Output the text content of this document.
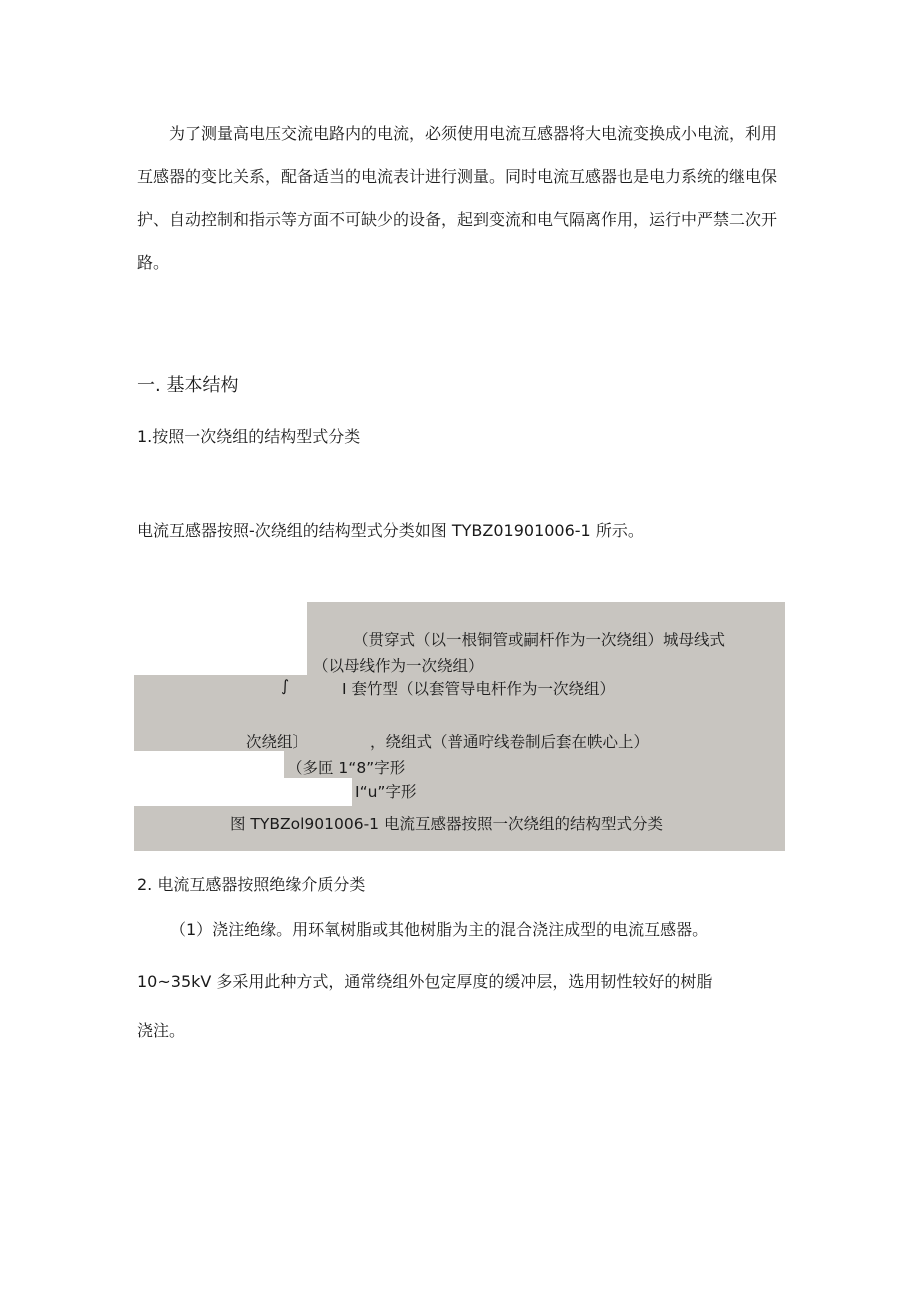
为了测量高电压交流电路内的电流，必须使用电流互感器将大电流变换成小电流，利用互感器的变比关系，配备适当的电流表计进行测量。同时电流互感器也是电力系统的继电保护、自动控制和指示等方面不可缺少的设备，起到变流和电气隔离作用，运行中严禁二次开路。

一. 基本结构

1.按照一次绕组的结构型式分类

电流互感器按照-次绕组的结构型式分类如图 TYBZ01901006-1 所示。

（贯穿式（以一根铜管或嗣杆作为一次绕组）城母线式
（以母线作为一次绕组）
∫	I 套竹型（以套管导电杆作为一次绕组）
次绕组〕	，绕组式（普通咛线卷制后套在帙心上）
（多匝 1“8”字形
I“u”字形
图 TYBZol901006-1 电流互感器按照一次绕组的结构型式分类

2. 电流互感器按照绝缘介质分类

（1）浇注绝缘。用环氧树脂或其他树脂为主的混合浇注成型的电流互感器。

10~35kV 多采用此种方式，通常绕组外包定厚度的缓冲层，选用韧性较好的树脂

浇注。
